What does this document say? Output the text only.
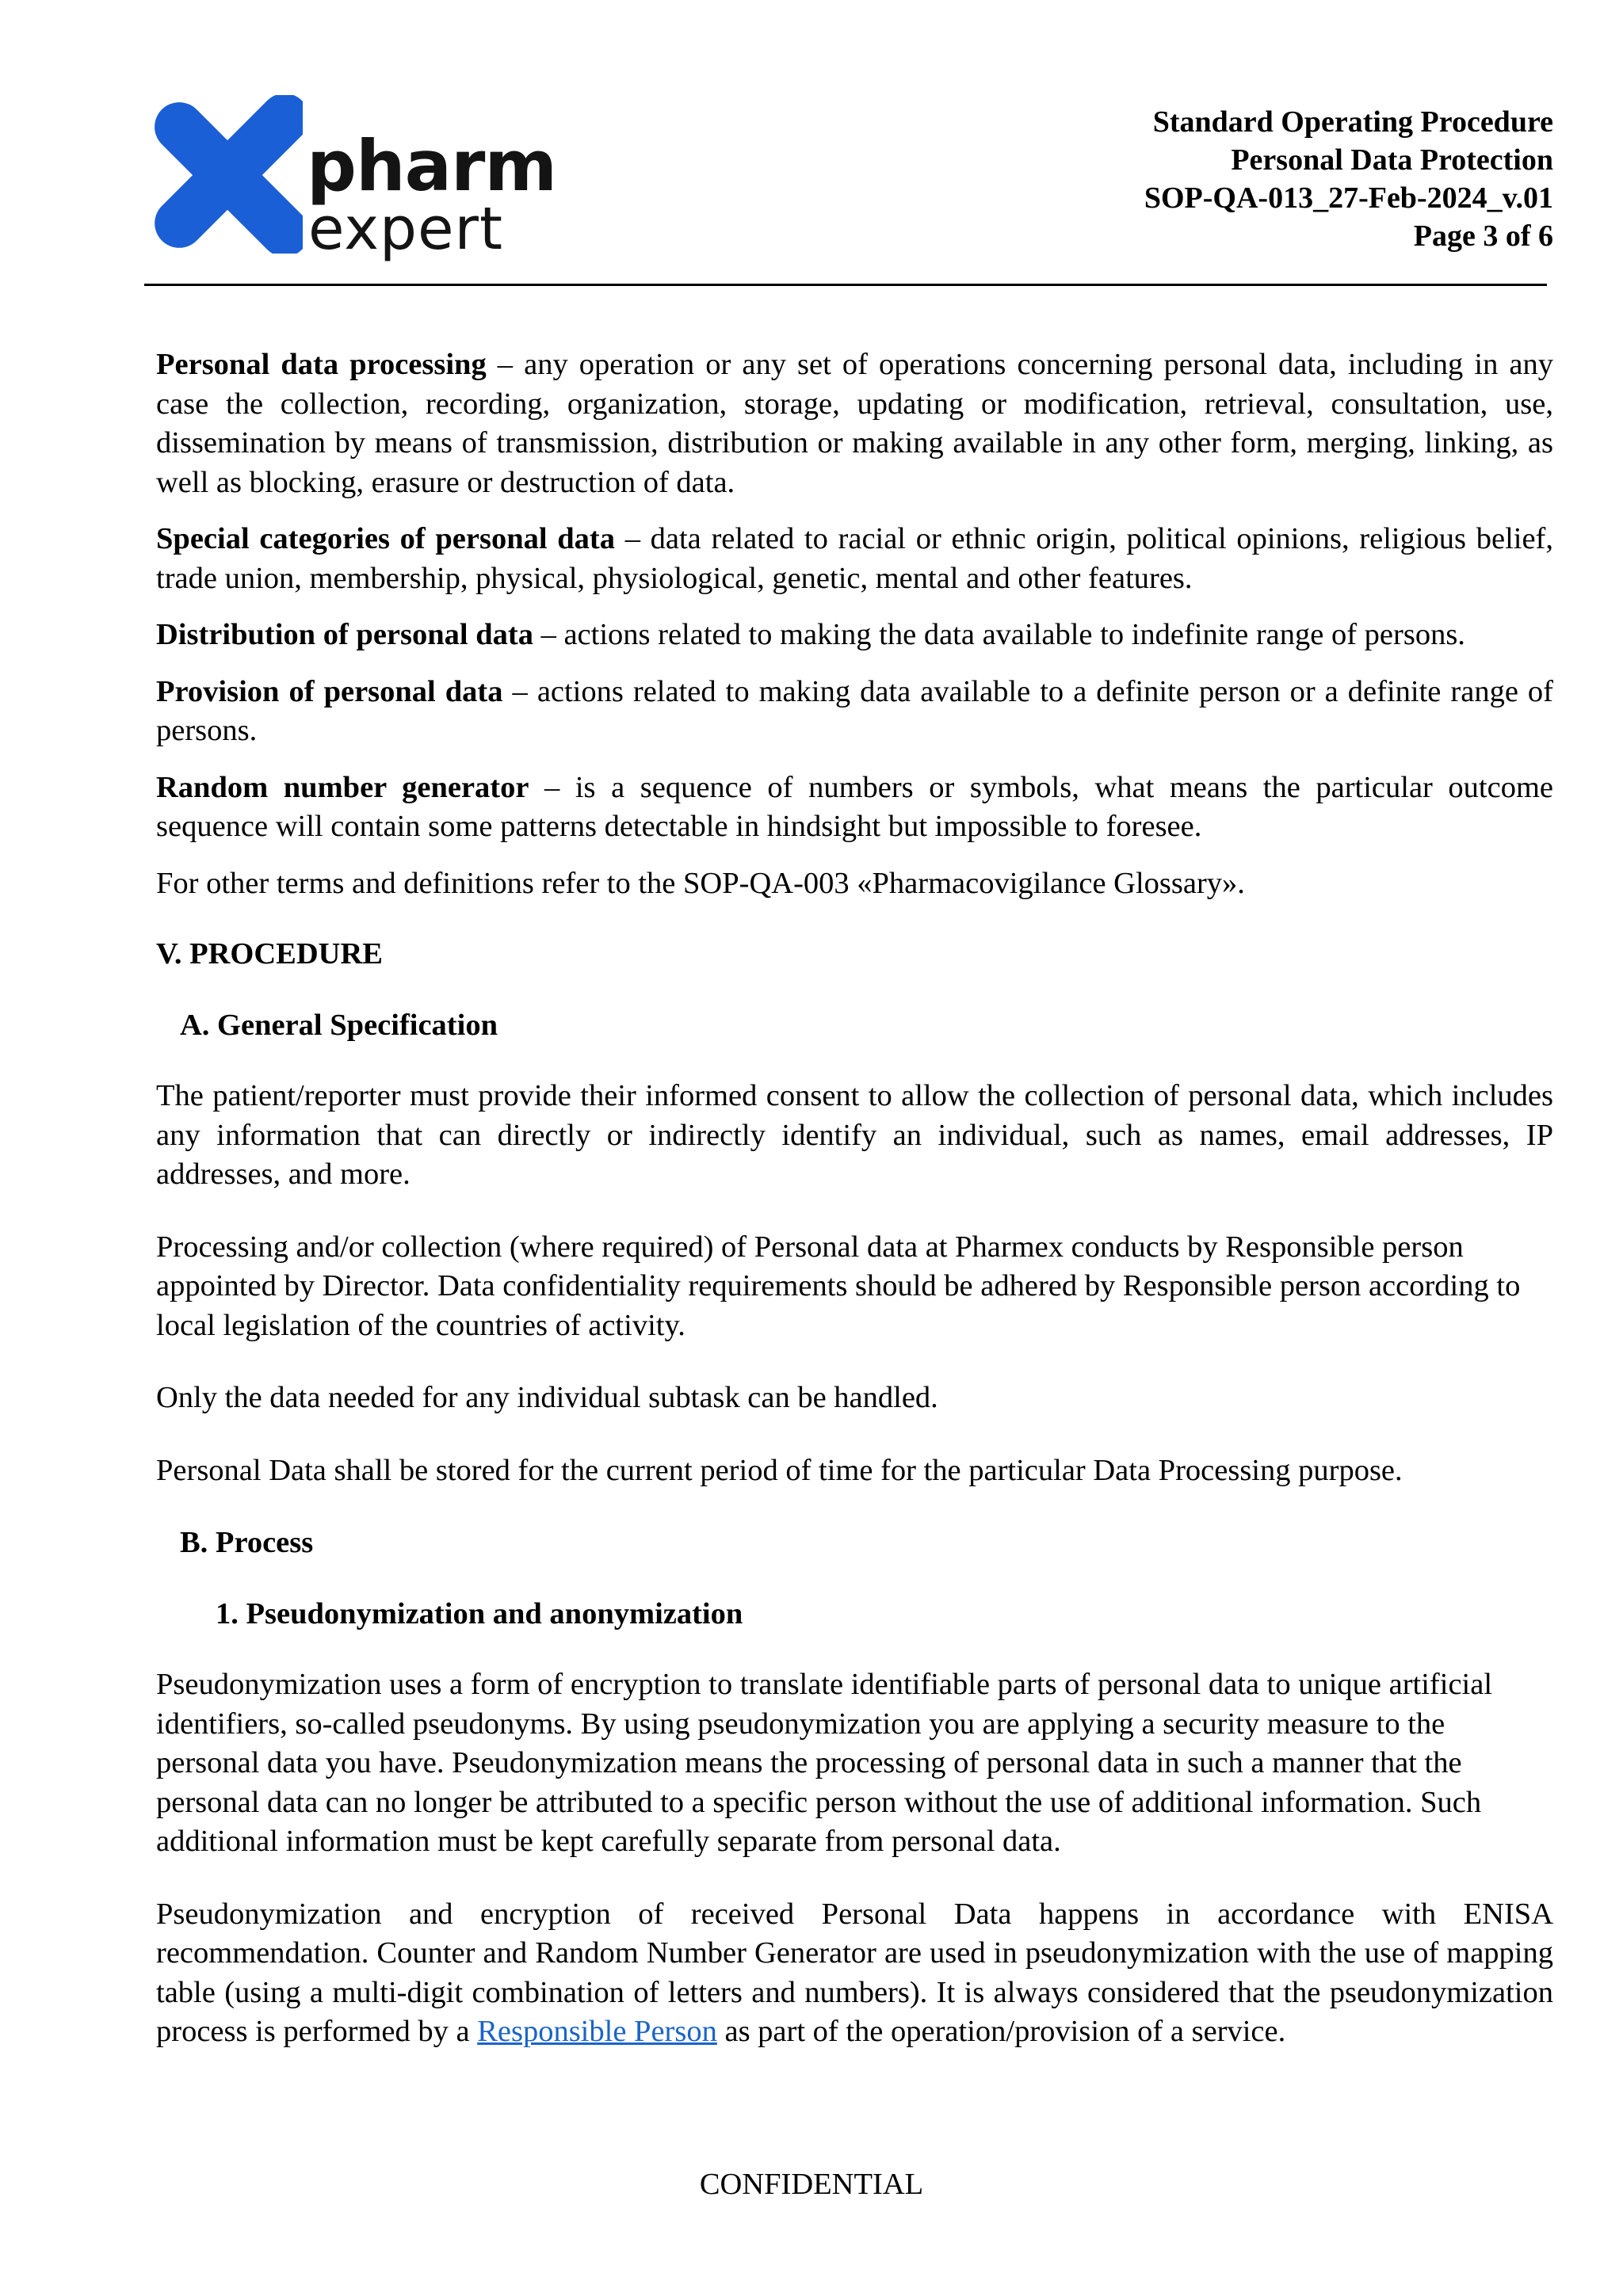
pharm
expert
Standard Operating Procedure
Personal Data Protection
SOP-QA-013_27-Feb-2024_v.01
Page 3 of 6

Personal data processing – any operation or any set of operations concerning personal data, including in any case the collection, recording, organization, storage, updating or modification, retrieval, consultation, use, dissemination by means of transmission, distribution or making available in any other form, merging, linking, as well as blocking, erasure or destruction of data.

Special categories of personal data – data related to racial or ethnic origin, political opinions, religious belief, trade union, membership, physical, physiological, genetic, mental and other features.

Distribution of personal data – actions related to making the data available to indefinite range of persons.

Provision of personal data – actions related to making data available to a definite person or a definite range of persons.

Random number generator – is a sequence of numbers or symbols, what means the particular outcome sequence will contain some patterns detectable in hindsight but impossible to foresee.

For other terms and definitions refer to the SOP-QA-003 «Pharmacovigilance Glossary».

V. PROCEDURE
A. General Specification

The patient/reporter must provide their informed consent to allow the collection of personal data, which includes any information that can directly or indirectly identify an individual, such as names, email addresses, IP addresses, and more.

Processing and/or collection (where required) of Personal data at Pharmex conducts by Responsible person appointed by Director. Data confidentiality requirements should be adhered by Responsible person according to local legislation of the countries of activity.

Only the data needed for any individual subtask can be handled.

Personal Data shall be stored for the current period of time for the particular Data Processing purpose.

B. Process
1. Pseudonymization and anonymization

Pseudonymization uses a form of encryption to translate identifiable parts of personal data to unique artificial identifiers, so-called pseudonyms. By using pseudonymization you are applying a security measure to the personal data you have. Pseudonymization means the processing of personal data in such a manner that the personal data can no longer be attributed to a specific person without the use of additional information. Such additional information must be kept carefully separate from personal data.

Pseudonymization and encryption of received Personal Data happens in accordance with ENISA recommendation. Counter and Random Number Generator are used in pseudonymization with the use of mapping table (using a multi-digit combination of letters and numbers). It is always considered that the pseudonymization process is performed by a Responsible Person as part of the operation/provision of a service.

CONFIDENTIAL
